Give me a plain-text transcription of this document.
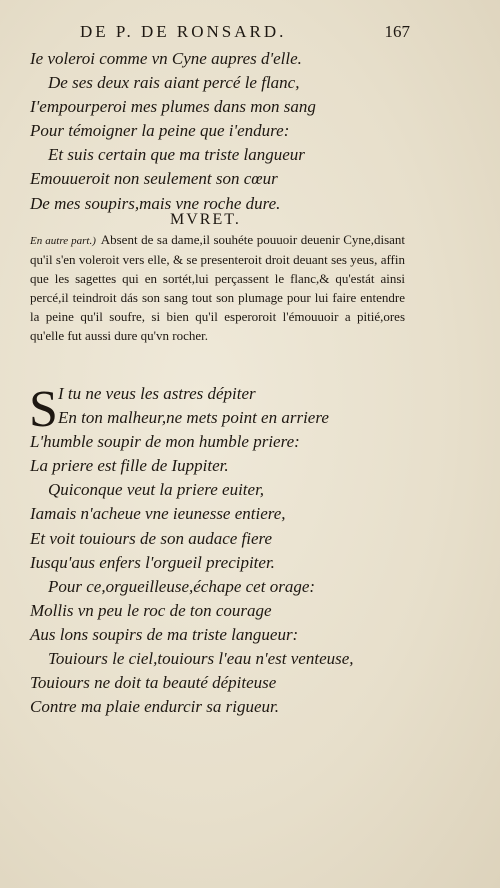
DE P. DE RONSARD.	167
Ie voleroi comme vn Cyne aupres d'elle.
De ses deux rais aiant percé le flanc,
I'empourperoi mes plumes dans mon sang
Pour témoigner la peine que i'endure:
Et suis certain que ma triste langueur
Emouueroit non seulement son cœur
De mes soupirs,mais vne roche dure.
MVRET.
En autre part.) Absent de sa dame,il souhéte pouuoir deuenir Cyne,disant qu'il s'en voleroit vers elle, & se presenteroit droit deuant ses yeus, affin que les sagettes qui en sortét,lui perçassent le flanc,& qu'estát ainsi percé,il teindroit dás son sang tout son plumage pour lui faire entendre la peine qu'il soufre, si bien qu'il esperoroit l'émouuoir a pitié,ores qu'elle fut aussi dure qu'vn rocher.
S I tu ne veus les astres dépiter
En ton malheur,ne mets point en arriere
L'humble soupir de mon humble priere:
La priere est fille de Iuppiter.
Quiconque veut la priere euiter,
Iamais n'acheue vne ieunesse entiere,
Et voit touiours de son audace fiere
Iusqu'aus enfers l'orgueil precipiter.
Pour ce,orgueilleuse,échape cet orage:
Mollis vn peu le roc de ton courage
Aus lons soupirs de ma triste langueur:
Touiours le ciel,touiours l'eau n'est venteuse,
Touiours ne doit ta beauté dépiteuse
Contre ma plaie endurcir sa rigueur.
